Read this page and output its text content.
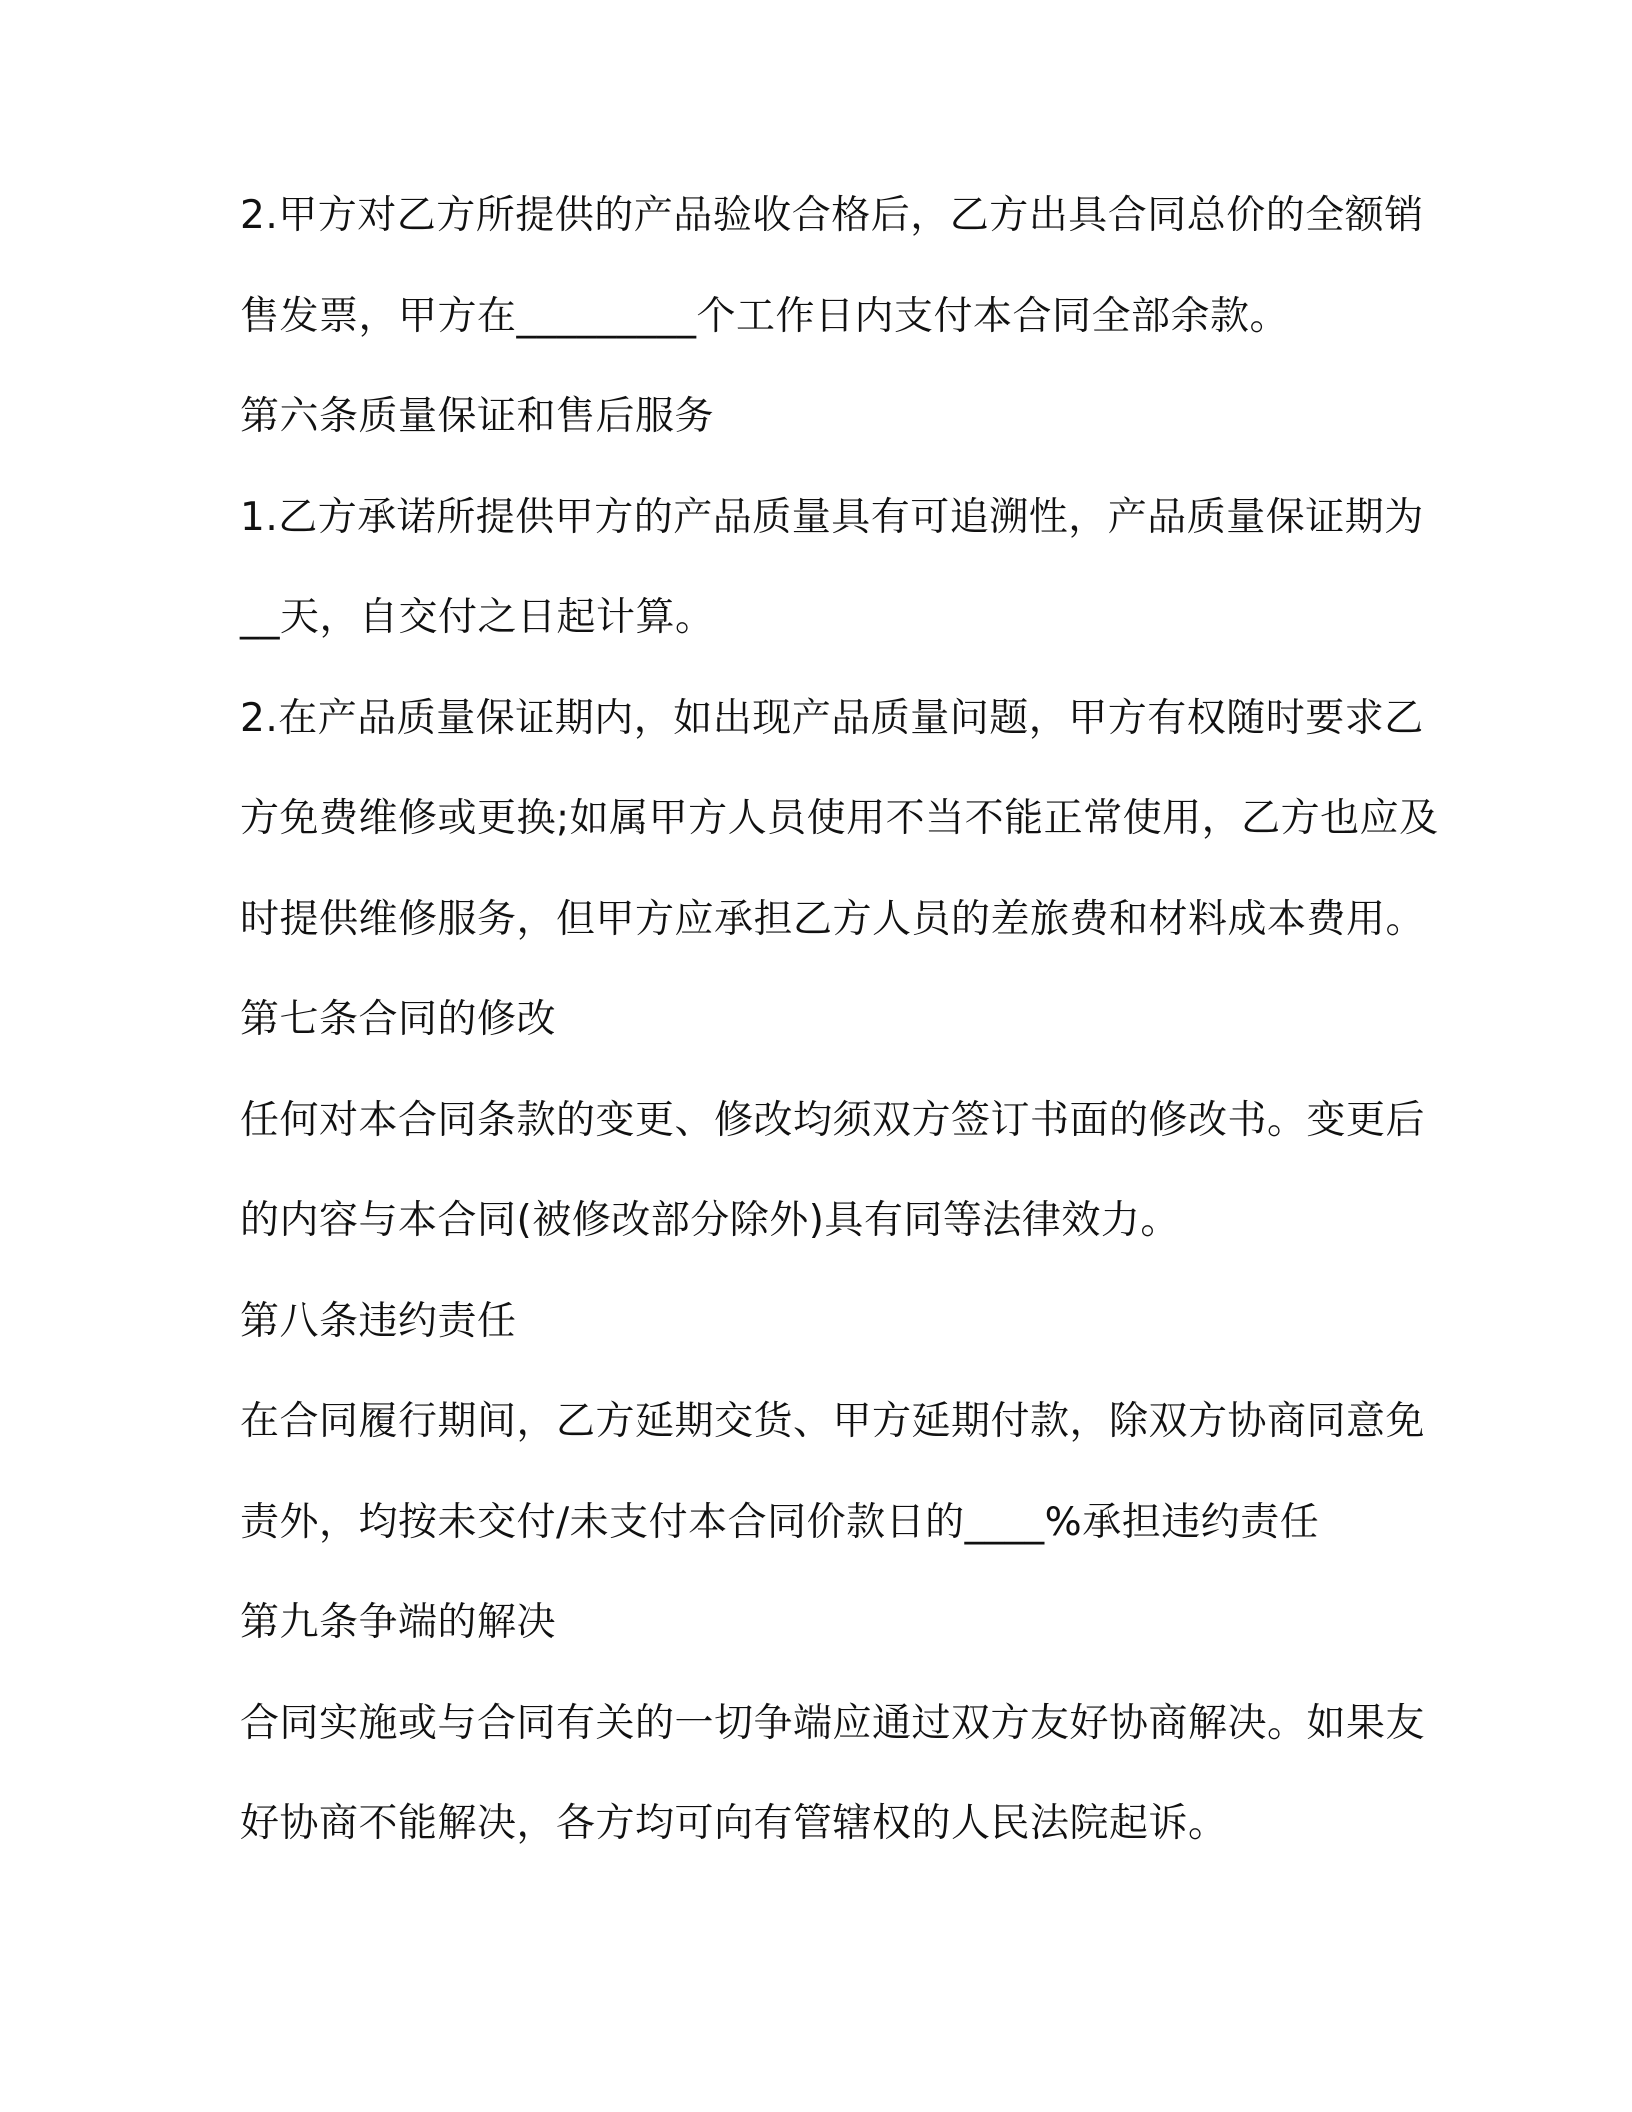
2.甲方对乙方所提供的产品验收合格后，乙方出具合同总价的全额销
售发票，甲方在_________个工作日内支付本合同全部余款。
第六条质量保证和售后服务
1.乙方承诺所提供甲方的产品质量具有可追溯性，产品质量保证期为
__天，自交付之日起计算。
2.在产品质量保证期内，如出现产品质量问题，甲方有权随时要求乙
方免费维修或更换;如属甲方人员使用不当不能正常使用，乙方也应及
时提供维修服务，但甲方应承担乙方人员的差旅费和材料成本费用。
第七条合同的修改
任何对本合同条款的变更、修改均须双方签订书面的修改书。变更后
的内容与本合同(被修改部分除外)具有同等法律效力。
第八条违约责任
在合同履行期间，乙方延期交货、甲方延期付款，除双方协商同意免
责外，均按未交付/未支付本合同价款日的____%承担违约责任
第九条争端的解决
合同实施或与合同有关的一切争端应通过双方友好协商解决。如果友
好协商不能解决，各方均可向有管辖权的人民法院起诉。
